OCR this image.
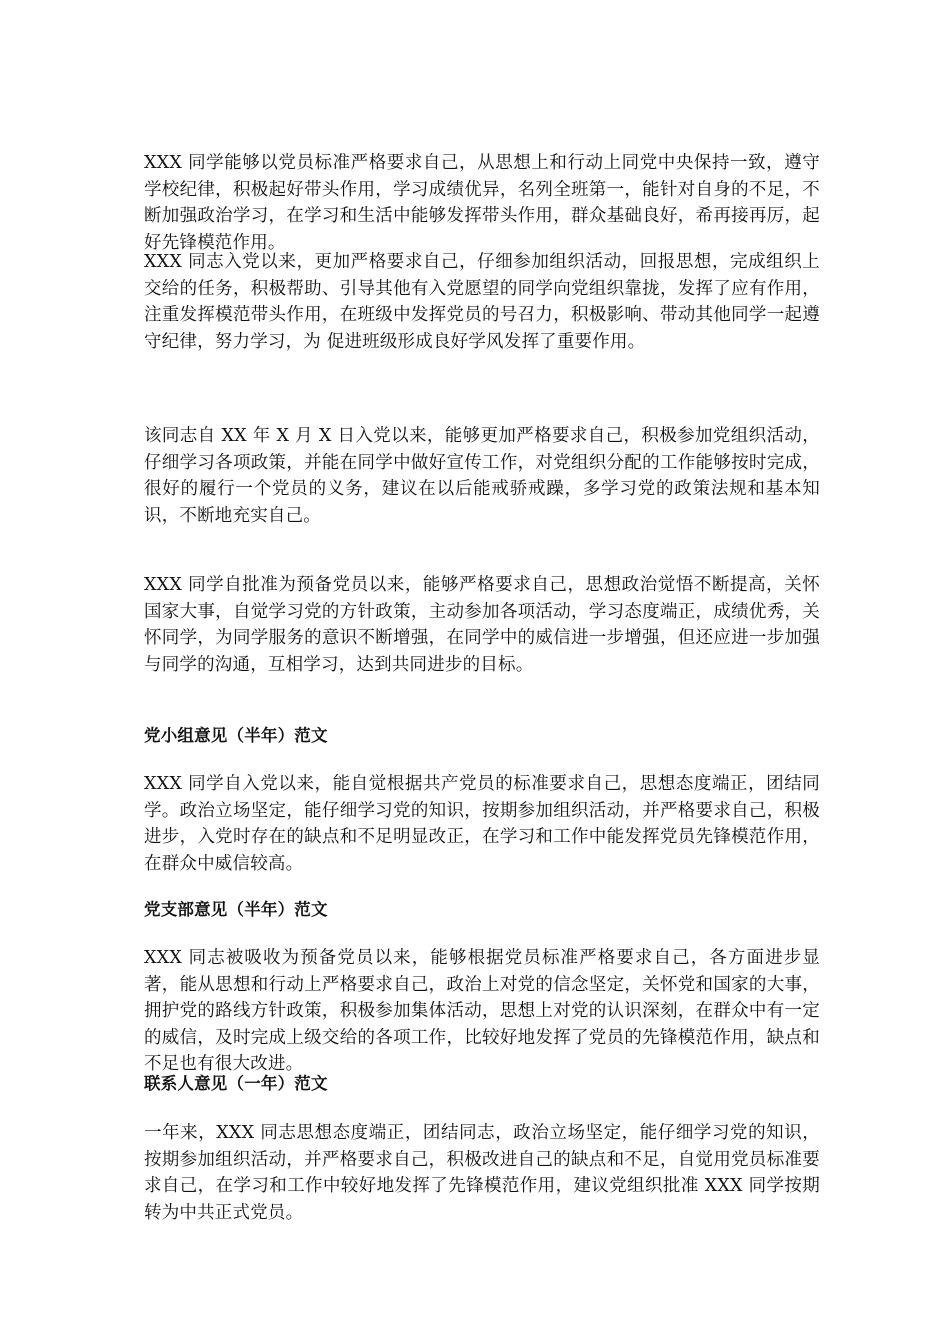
XXX 同学能够以党员标准严格要求自己，从思想上和行动上同党中央保持一致，遵守学校纪律，积极起好带头作用，学习成绩优异，名列全班第一，能针对自身的不足，不断加强政治学习，在学习和生活中能够发挥带头作用，群众基础良好，希再接再厉，起好先锋模范作用。

XXX 同志入党以来，更加严格要求自己，仔细参加组织活动，回报思想，完成组织上交给的任务，积极帮助、引导其他有入党愿望的同学向党组织靠拢，发挥了应有作用，注重发挥模范带头作用，在班级中发挥党员的号召力，积极影响、带动其他同学一起遵守纪律，努力学习，为 促进班级形成良好学风发挥了重要作用。

该同志自 XX 年 X 月 X 日入党以来，能够更加严格要求自己，积极参加党组织活动，仔细学习各项政策，并能在同学中做好宣传工作，对党组织分配的工作能够按时完成，很好的履行一个党员的义务，建议在以后能戒骄戒躁，多学习党的政策法规和基本知识，不断地充实自己。

XXX 同学自批准为预备党员以来，能够严格要求自己，思想政治觉悟不断提高，关怀国家大事，自觉学习党的方针政策，主动参加各项活动，学习态度端正，成绩优秀，关怀同学，为同学服务的意识不断增强，在同学中的威信进一步增强，但还应进一步加强与同学的沟通，互相学习，达到共同进步的目标。

党小组意见（半年）范文

XXX 同学自入党以来，能自觉根据共产党员的标准要求自己，思想态度端正，团结同学。政治立场坚定，能仔细学习党的知识，按期参加组织活动，并严格要求自己，积极进步，入党时存在的缺点和不足明显改正，在学习和工作中能发挥党员先锋模范作用，在群众中威信较高。

党支部意见（半年）范文

XXX 同志被吸收为预备党员以来，能够根据党员标准严格要求自己，各方面进步显著，能从思想和行动上严格要求自己，政治上对党的信念坚定，关怀党和国家的大事，拥护党的路线方针政策，积极参加集体活动，思想上对党的认识深刻，在群众中有一定的威信，及时完成上级交给的各项工作，比较好地发挥了党员的先锋模范作用，缺点和不足也有很大改进。

联系人意见（一年）范文

一年来，XXX 同志思想态度端正，团结同志，政治立场坚定，能仔细学习党的知识，按期参加组织活动，并严格要求自己，积极改进自己的缺点和不足，自觉用党员标准要求自己，在学习和工作中较好地发挥了先锋模范作用，建议党组织批准 XXX 同学按期转为中共正式党员。
